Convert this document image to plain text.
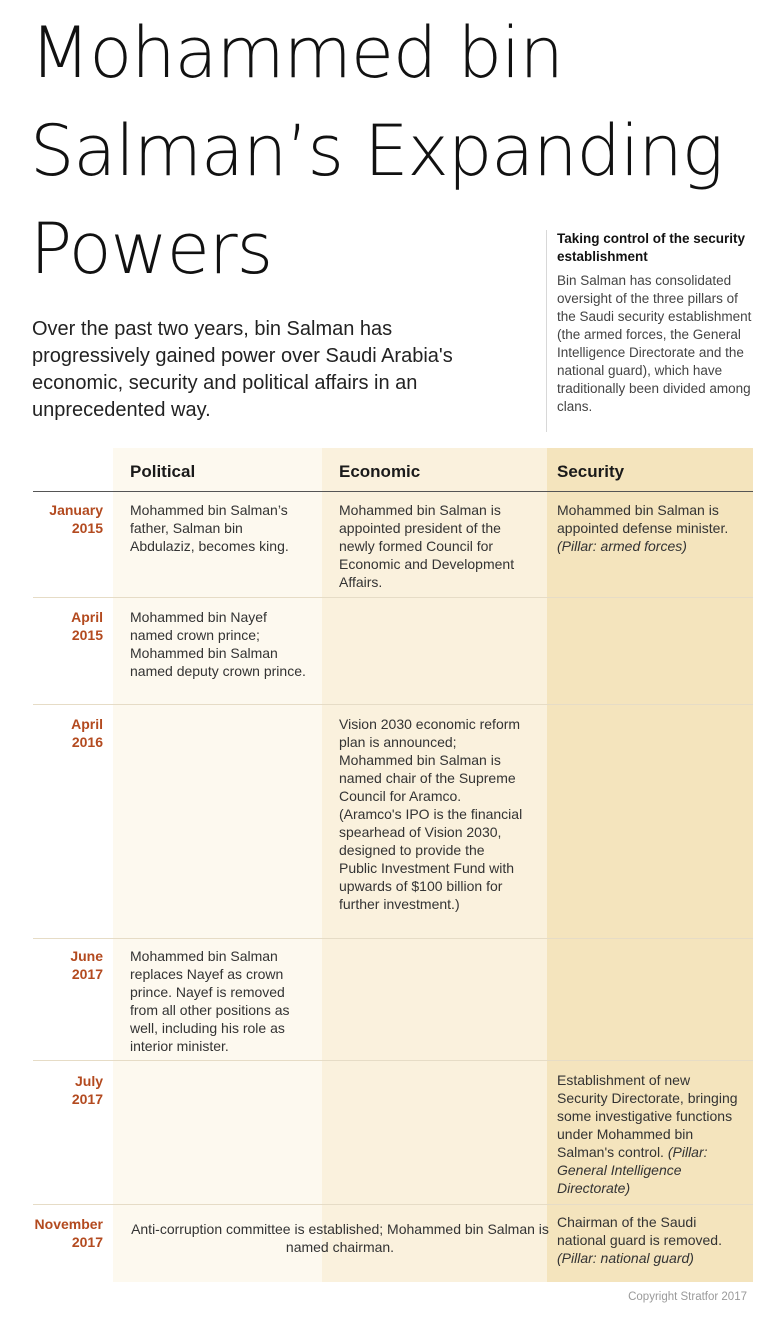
Mohammed bin Salman’s Expanding Powers

Over the past two years, bin Salman has progressively gained power over Saudi Arabia's economic, security and political affairs in an unprecedented way.

Taking control of the security establishment

Bin Salman has consolidated oversight of the three pillars of the Saudi security establishment (the armed forces, the General Intelligence Directorate and the national guard), which have traditionally been divided among clans.

Political	Economic	Security
January
2015
Mohammed bin Salman’s father, Salman bin Abdulaziz, becomes king.
Mohammed bin Salman is appointed president of the newly formed Council for Economic and Development Affairs.
Mohammed bin Salman is appointed defense minister. (Pillar: armed forces)
April
2015
Mohammed bin Nayef named crown prince; Mohammed bin Salman named deputy crown prince.
April
2016
Vision 2030 economic reform plan is announced; Mohammed bin Salman is named chair of the Supreme Council for Aramco. (Aramco's IPO is the financial spearhead of Vision 2030, designed to provide the Public Investment Fund with upwards of $100 billion for further investment.)
June
2017
Mohammed bin Salman replaces Nayef as crown prince. Nayef is removed from all other positions as well, including his role as interior minister.
July
2017
Establishment of new Security Directorate, bringing some investigative functions under Mohammed bin Salman's control. (Pillar: General Intelligence Directorate)
November
2017
Anti-corruption committee is established; Mohammed bin Salman is named chairman.
Chairman of the Saudi national guard is removed. (Pillar: national guard)
Copyright Stratfor 2017
